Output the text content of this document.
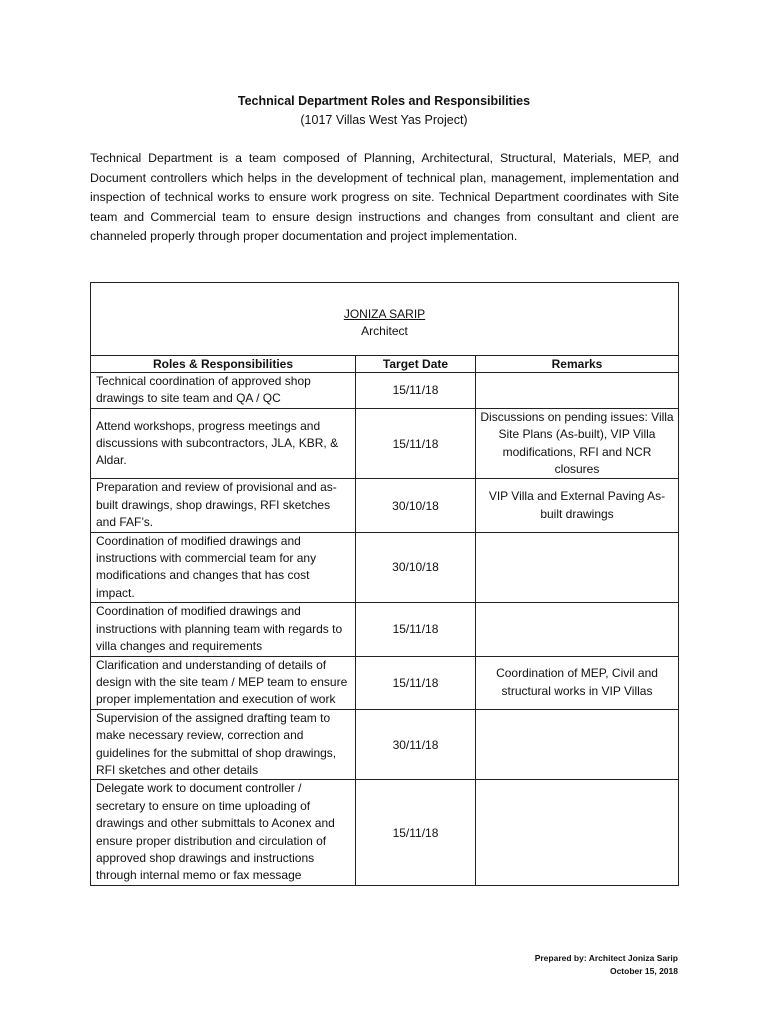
Technical Department Roles and Responsibilities
(1017 Villas West Yas Project)
Technical Department is a team composed of Planning, Architectural, Structural, Materials, MEP, and Document controllers which helps in the development of technical plan, management, implementation and inspection of technical works to ensure work progress on site. Technical Department coordinates with Site team and Commercial team to ensure design instructions and changes from consultant and client are channeled properly through proper documentation and project implementation.
JONIZA SARIP
Architect		

Roles & Responsibilities	Target Date	Remarks
Technical coordination of approved shop drawings to site team and QA / QC	15/11/18	
Attend workshops, progress meetings and discussions with subcontractors, JLA, KBR, & Aldar.	15/11/18	Discussions on pending issues: Villa Site Plans (As-built), VIP Villa modifications, RFI and NCR closures
Preparation and review of provisional and as-built drawings, shop drawings, RFI sketches and FAF’s.	30/10/18	VIP Villa and External Paving As-built drawings
Coordination of modified drawings and instructions with commercial team for any modifications and changes that has cost impact.	30/10/18	
Coordination of modified drawings and instructions with planning team with regards to villa changes and requirements	15/11/18	
Clarification and understanding of details of design with the site team / MEP team to ensure proper implementation and execution of work	15/11/18	Coordination of MEP, Civil and structural works in VIP Villas
Supervision of the assigned drafting team to make necessary review, correction and guidelines for the submittal of shop drawings, RFI sketches and other details	30/11/18	
Delegate work to document controller / secretary to ensure on time uploading of drawings and other submittals to Aconex and ensure proper distribution and circulation of approved shop drawings and instructions through internal memo or fax message	15/11/18	
Prepared by: Architect Joniza Sarip
October 15, 2018
